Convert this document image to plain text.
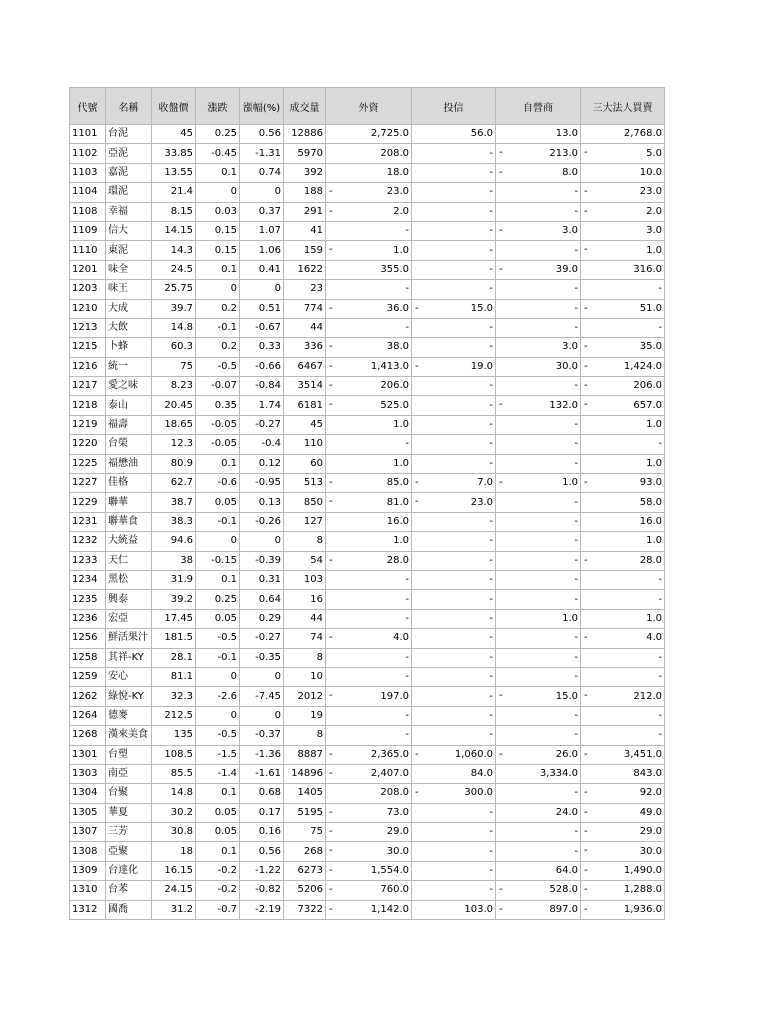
代號	名稱	收盤價	漲跌	漲幅(%)	成交量	外資	投信	自營商	三大法人買賣
1101	台泥	45	0.25	0.56	12886	2,725.0	56.0	13.0	2,768.0
1102	亞泥	33.85	-0.45	-1.31	5970	208.0	-	- 213.0	- 5.0
1103	嘉泥	13.55	0.1	0.74	392	18.0	-	- 8.0	10.0
1104	環泥	21.4	0	0	188	- 23.0	-	-	- 23.0
1108	幸福	8.15	0.03	0.37	291	- 2.0	-	-	- 2.0
1109	信大	14.15	0.15	1.07	41	-	-	- 3.0	3.0
1110	東泥	14.3	0.15	1.06	159	- 1.0	-	-	- 1.0
1201	味全	24.5	0.1	0.41	1622	355.0	-	- 39.0	316.0
1203	味王	25.75	0	0	23	-	-	-	-
1210	大成	39.7	0.2	0.51	774	- 36.0	- 15.0	-	- 51.0
1213	大飲	14.8	-0.1	-0.67	44	-	-	-	-
1215	卜蜂	60.3	0.2	0.33	336	- 38.0	-	3.0	- 35.0
1216	統一	75	-0.5	-0.66	6467	- 1,413.0	- 19.0	30.0	- 1,424.0
1217	愛之味	8.23	-0.07	-0.84	3514	- 206.0	-	-	- 206.0
1218	泰山	20.45	0.35	1.74	6181	- 525.0	-	- 132.0	- 657.0
1219	福壽	18.65	-0.05	-0.27	45	1.0	-	-	1.0
1220	台榮	12.3	-0.05	-0.4	110	-	-	-	-
1225	福懋油	80.9	0.1	0.12	60	1.0	-	-	1.0
1227	佳格	62.7	-0.6	-0.95	513	- 85.0	- 7.0	- 1.0	- 93.0
1229	聯華	38.7	0.05	0.13	850	- 81.0	- 23.0	-	58.0
1231	聯華食	38.3	-0.1	-0.26	127	16.0	-	-	16.0
1232	大統益	94.6	0	0	8	1.0	-	-	1.0
1233	天仁	38	-0.15	-0.39	54	- 28.0	-	-	- 28.0
1234	黑松	31.9	0.1	0.31	103	-	-	-	-
1235	興泰	39.2	0.25	0.64	16	-	-	-	-
1236	宏亞	17.45	0.05	0.29	44	-	-	1.0	1.0
1256	鮮活果汁	181.5	-0.5	-0.27	74	- 4.0	-	-	- 4.0
1258	其祥-KY	28.1	-0.1	-0.35	8	-	-	-	-
1259	安心	81.1	0	0	10	-	-	-	-
1262	綠悅-KY	32.3	-2.6	-7.45	2012	- 197.0	-	- 15.0	- 212.0
1264	德麥	212.5	0	0	19	-	-	-	-
1268	漢來美食	135	-0.5	-0.37	8	-	-	-	-
1301	台塑	108.5	-1.5	-1.36	8887	- 2,365.0	- 1,060.0	- 26.0	- 3,451.0
1303	南亞	85.5	-1.4	-1.61	14896	- 2,407.0	84.0	3,334.0	843.0
1304	台聚	14.8	0.1	0.68	1405	208.0	- 300.0	-	- 92.0
1305	華夏	30.2	0.05	0.17	5195	- 73.0	-	24.0	- 49.0
1307	三芳	30.8	0.05	0.16	75	- 29.0	-	-	- 29.0
1308	亞聚	18	0.1	0.56	268	- 30.0	-	-	- 30.0
1309	台達化	16.15	-0.2	-1.22	6273	- 1,554.0	-	64.0	- 1,490.0
1310	台苯	24.15	-0.2	-0.82	5206	- 760.0	-	- 528.0	- 1,288.0
1312	國喬	31.2	-0.7	-2.19	7322	- 1,142.0	103.0	- 897.0	- 1,936.0
